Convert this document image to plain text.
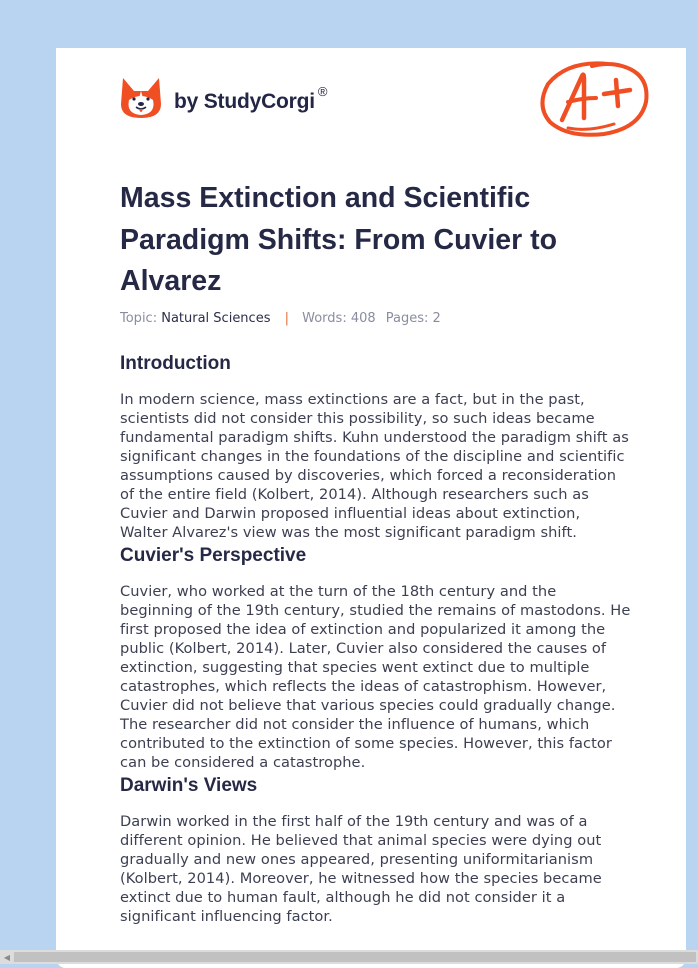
by StudyCorgi ®
Mass Extinction and Scientific Paradigm Shifts: From Cuvier to Alvarez
Topic: Natural Sciences | Words: 408 Pages: 2
Introduction

In modern science, mass extinctions are a fact, but in the past, scientists did not consider this possibility, so such ideas became fundamental paradigm shifts. Kuhn understood the paradigm shift as significant changes in the foundations of the discipline and scientific assumptions caused by discoveries, which forced a reconsideration of the entire field (Kolbert, 2014). Although researchers such as Cuvier and Darwin proposed influential ideas about extinction, Walter Alvarez's view was the most significant paradigm shift.

Cuvier's Perspective

Cuvier, who worked at the turn of the 18th century and the beginning of the 19th century, studied the remains of mastodons. He first proposed the idea of extinction and popularized it among the public (Kolbert, 2014). Later, Cuvier also considered the causes of extinction, suggesting that species went extinct due to multiple catastrophes, which reflects the ideas of catastrophism. However, Cuvier did not believe that various species could gradually change. The researcher did not consider the influence of humans, which contributed to the extinction of some species. However, this factor can be considered a catastrophe.

Darwin's Views

Darwin worked in the first half of the 19th century and was of a different opinion. He believed that animal species were dying out gradually and new ones appeared, presenting uniformitarianism (Kolbert, 2014). Moreover, he witnessed how the species became extinct due to human fault, although he did not consider it a significant influencing factor.

◀
